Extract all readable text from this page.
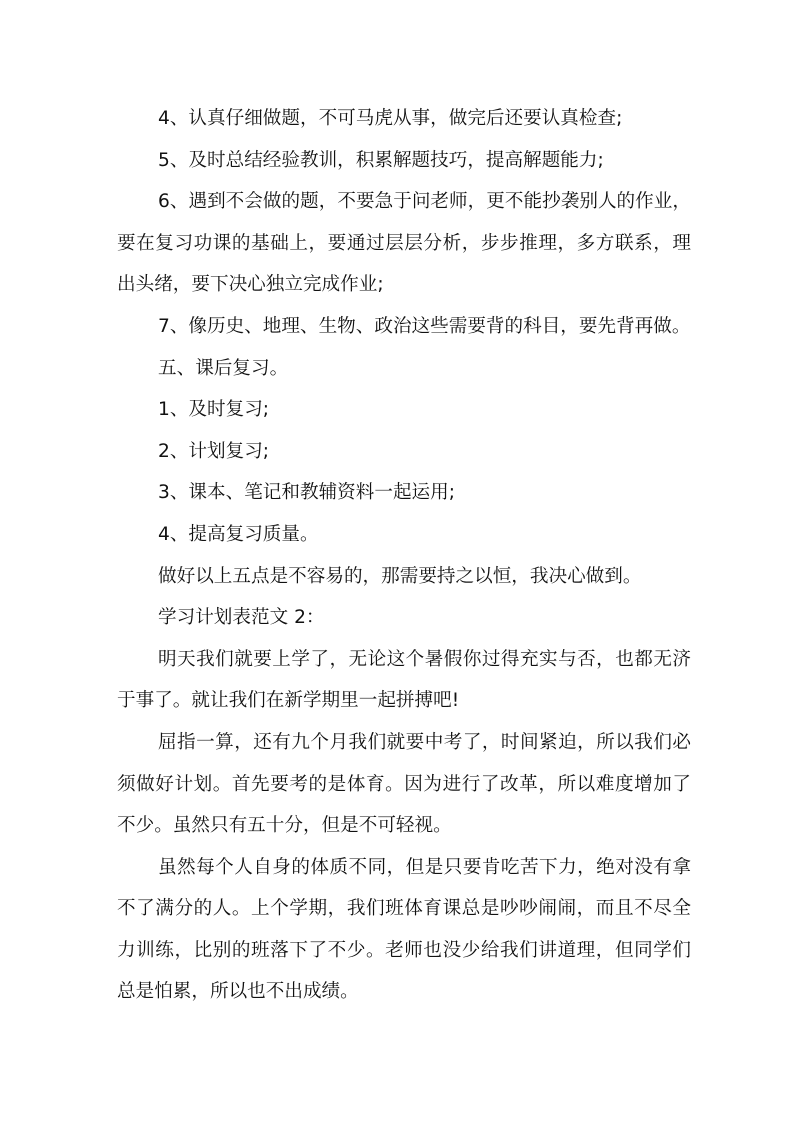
4、认真仔细做题，不可马虎从事，做完后还要认真检查;

5、及时总结经验教训，积累解题技巧，提高解题能力;

6、遇到不会做的题，不要急于问老师，更不能抄袭别人的作业，要在复习功课的基础上，要通过层层分析，步步推理，多方联系，理出头绪，要下决心独立完成作业;

7、像历史、地理、生物、政治这些需要背的科目，要先背再做。

五、课后复习。

1、及时复习;

2、计划复习;

3、课本、笔记和教辅资料一起运用;

4、提高复习质量。

做好以上五点是不容易的，那需要持之以恒，我决心做到。

学习计划表范文 2：

明天我们就要上学了，无论这个暑假你过得充实与否，也都无济于事了。就让我们在新学期里一起拼搏吧!

屈指一算，还有九个月我们就要中考了，时间紧迫，所以我们必须做好计划。首先要考的是体育。因为进行了改革，所以难度增加了不少。虽然只有五十分，但是不可轻视。

虽然每个人自身的体质不同，但是只要肯吃苦下力，绝对没有拿不了满分的人。上个学期，我们班体育课总是吵吵闹闹，而且不尽全力训练，比别的班落下了不少。老师也没少给我们讲道理，但同学们总是怕累，所以也不出成绩。
